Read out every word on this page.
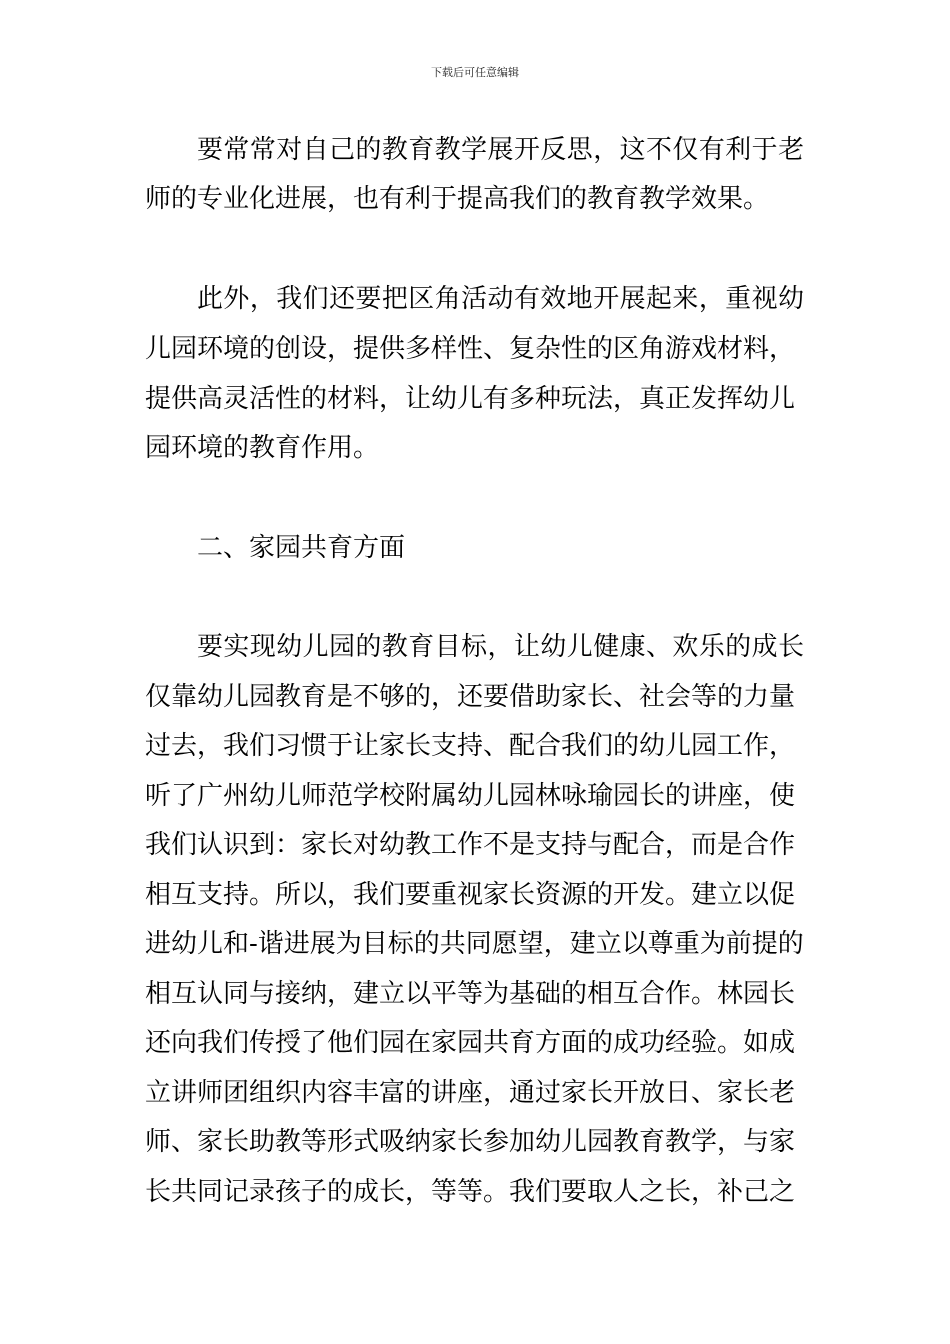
下载后可任意编辑
要常常对自己的教育教学展开反思，这不仅有利于老
师的专业化进展，也有利于提高我们的教育教学效果。
此外，我们还要把区角活动有效地开展起来，重视幼
儿园环境的创设，提供多样性、复杂性的区角游戏材料，
提供高灵活性的材料，让幼儿有多种玩法，真正发挥幼儿
园环境的教育作用。
二、家园共育方面
要实现幼儿园的教育目标，让幼儿健康、欢乐的成长
仅靠幼儿园教育是不够的，还要借助家长、社会等的力量
过去，我们习惯于让家长支持、配合我们的幼儿园工作，
听了广州幼儿师范学校附属幼儿园林咏瑜园长的讲座，使
我们认识到：家长对幼教工作不是支持与配合，而是合作
相互支持。所以，我们要重视家长资源的开发。建立以促
进幼儿和-谐进展为目标的共同愿望，建立以尊重为前提的
相互认同与接纳，建立以平等为基础的相互合作。林园长
还向我们传授了他们园在家园共育方面的成功经验。如成
立讲师团组织内容丰富的讲座，通过家长开放日、家长老
师、家长助教等形式吸纳家长参加幼儿园教育教学，与家
长共同记录孩子的成长，等等。我们要取人之长，补己之
